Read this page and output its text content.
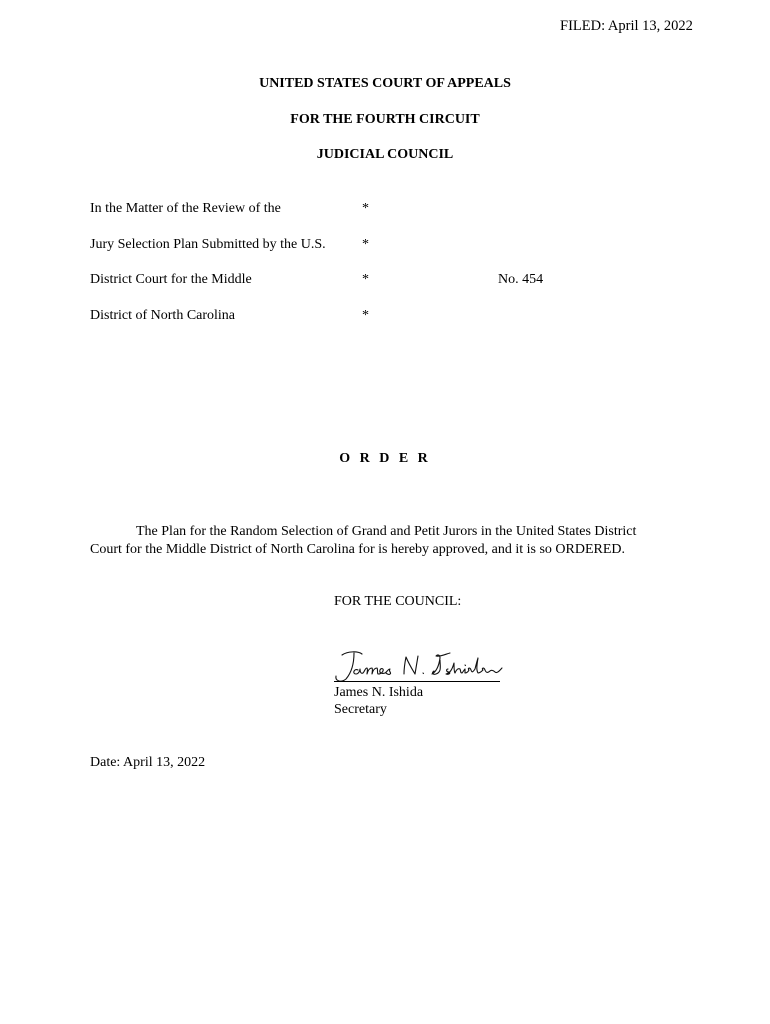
FILED: April 13, 2022
UNITED STATES COURT OF APPEALS
FOR THE FOURTH CIRCUIT
JUDICIAL COUNCIL
In the Matter of the Review of the
Jury Selection Plan Submitted by the U.S.
District Court for the Middle
District of North Carolina
*
*
*
*
No. 454
O R D E R
The Plan for the Random Selection of Grand and Petit Jurors in the United States District Court for the Middle District of North Carolina for is hereby approved, and it is so ORDERED.
FOR THE COUNCIL:
James N. Ishida
Secretary
Date: April 13, 2022
